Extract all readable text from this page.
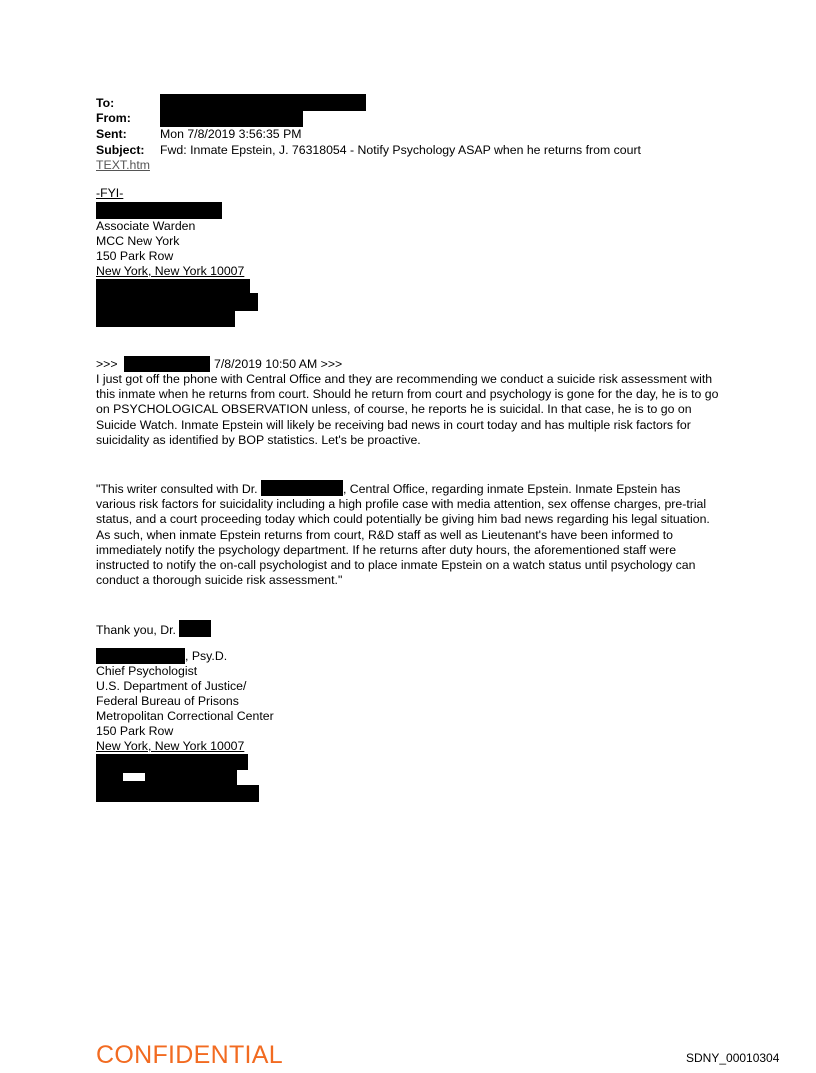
To:
From:
Sent:	Mon 7/8/2019 3:56:35 PM
Subject: Fwd: Inmate Epstein, J. 76318054 - Notify Psychology ASAP when he returns from court
TEXT.htm
-FYI-
Associate Warden
MCC New York
150 Park Row
New York, New York 10007
>>>	7/8/2019 10:50 AM >>>
I just got off the phone with Central Office and they are recommending we conduct a suicide risk assessment with this inmate when he returns from court. Should he return from court and psychology is gone for the day, he is to go on PSYCHOLOGICAL OBSERVATION unless, of course, he reports he is suicidal. In that case, he is to go on Suicide Watch. Inmate Epstein will likely be receiving bad news in court today and has multiple risk factors for suicidality as identified by BOP statistics. Let's be proactive.
"This writer consulted with Dr.	, Central Office, regarding inmate Epstein. Inmate Epstein has various risk factors for suicidality including a high profile case with media attention, sex offense charges, pre-trial status, and a court proceeding today which could potentially be giving him bad news regarding his legal situation. As such, when inmate Epstein returns from court, R&D staff as well as Lieutenant's have been informed to immediately notify the psychology department. If he returns after duty hours, the aforementioned staff were instructed to notify the on-call psychologist and to place inmate Epstein on a watch status until psychology can conduct a thorough suicide risk assessment."
Thank you, Dr.
, Psy.D.
Chief Psychologist
U.S. Department of Justice/
Federal Bureau of Prisons
Metropolitan Correctional Center
150 Park Row
New York, New York 10007
CONFIDENTIAL	SDNY_00010304
